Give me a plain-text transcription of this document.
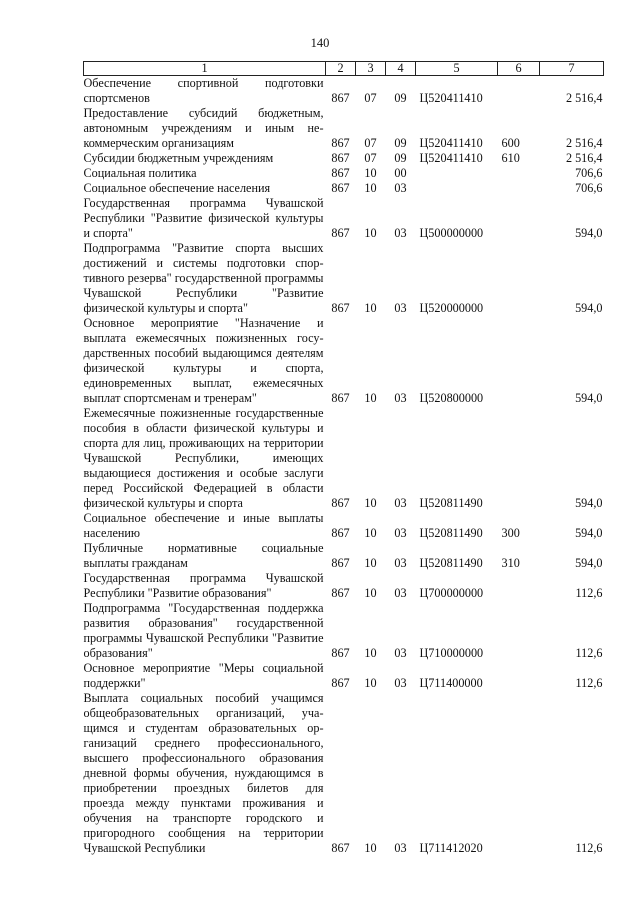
140
1	2	3	4	5	6	7
Обеспечение спортивной подготовки спортсменов	867	07	09	Ц520411410		2 516,4
Предоставление субсидий бюджетным, автономным учреждениям и иным некоммерческим организациям	867	07	09	Ц520411410	600	2 516,4
Субсидии бюджетным учреждениям	867	07	09	Ц520411410	610	2 516,4
Социальная политика	867	10	00			706,6
Социальное обеспечение населения	867	10	03			706,6
Государственная программа Чувашской Республики "Развитие физической культуры и спорта"	867	10	03	Ц500000000		594,0
Подпрограмма "Развитие спорта высших достижений и системы подготовки спортивного резерва" государственной программы Чувашской Республики "Развитие физической культуры и спорта"	867	10	03	Ц520000000		594,0
Основное мероприятие "Назначение и выплата ежемесячных пожизненных государственных пособий выдающимся деятелям физической культуры и спорта, единовременных выплат, ежемесячных выплат спортсменам и тренерам"	867	10	03	Ц520800000		594,0
Ежемесячные пожизненные государственные пособия в области физической культуры и спорта для лиц, проживающих на территории Чувашской Республики, имеющих выдающиеся достижения и особые заслуги перед Российской Федерацией в области физической культуры и спорта	867	10	03	Ц520811490		594,0
Социальное обеспечение и иные выплаты населению	867	10	03	Ц520811490	300	594,0
Публичные нормативные социальные выплаты гражданам	867	10	03	Ц520811490	310	594,0
Государственная программа Чувашской Республики "Развитие образования"	867	10	03	Ц700000000		112,6
Подпрограмма "Государственная поддержка развития образования" государственной программы Чувашской Республики "Развитие образования"	867	10	03	Ц710000000		112,6
Основное мероприятие "Меры социальной поддержки"	867	10	03	Ц711400000		112,6
Выплата социальных пособий учащимся общеобразовательных организаций, учащимся и студентам образовательных организаций среднего профессионального, высшего профессионального образования дневной формы обучения, нуждающимся в приобретении проездных билетов для проезда между пунктами проживания и обучения на транспорте городского и пригородного сообщения на территории Чувашской Республики	867	10	03	Ц711412020		112,6
